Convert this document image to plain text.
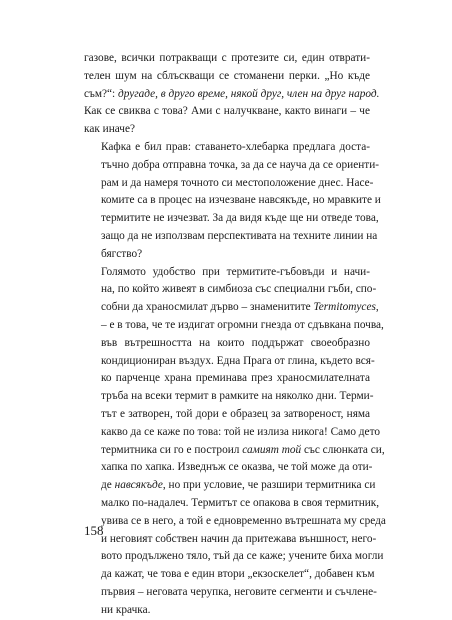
газове, всички потракващи с протезите си, един отврати-
телен шум на сблъскващи се стоманени перки. „Но къде
съм?“: другаде, в друго време, някой друг, член на друг народ.
Как се свиква с това? Ами с налучкване, както винаги – че
как иначе?
Кафка е бил прав: ставането-хлебарка предлага доста-
тъчно добра отправна точка, за да се науча да се ориенти-
рам и да намеря точното си местоположение днес. Насе-
комите са в процес на изчезване навсякъде, но мравките и
термитите не изчезват. За да видя къде ще ни отведе това,
защо да не използвам перспективата на техните линии на
бягство?
Голямото удобство при термитите-гъбовъди и начи-
на, по който живеят в симбиоза със специални гъби, спо-
собни да храносмилат дърво – знаменитите Termitomyces,
– е в това, че те издигат огромни гнезда от сдъвкана почва,
във вътрешността на които поддържат своеобразно
кондициониран въздух. Една Прага от глина, където вся-
ко парченце храна преминава през храносмилателната
тръба на всеки термит в рамките на няколко дни. Терми-
тът е затворен, той дори е образец за затвореност, няма
какво да се каже по това: той не излиза никога! Само дето
термитника си го е построил самият той със слюнката си,
хапка по хапка. Изведнъж се оказва, че той може да оти-
де навсякъде, но при условие, че разшири термитника си
малко по-надалеч. Термитът се опакова в своя термитник,
увива се в него, а той е едновременно вътрешната му среда
и неговият собствен начин да притежава външност, него-
вото продължено тяло, тъй да се каже; учените биха могли
да кажат, че това е един втори „екзоскелет“, добавен към
първия – неговата черупка, неговите сегменти и съчлене-
ни крачка.
158
